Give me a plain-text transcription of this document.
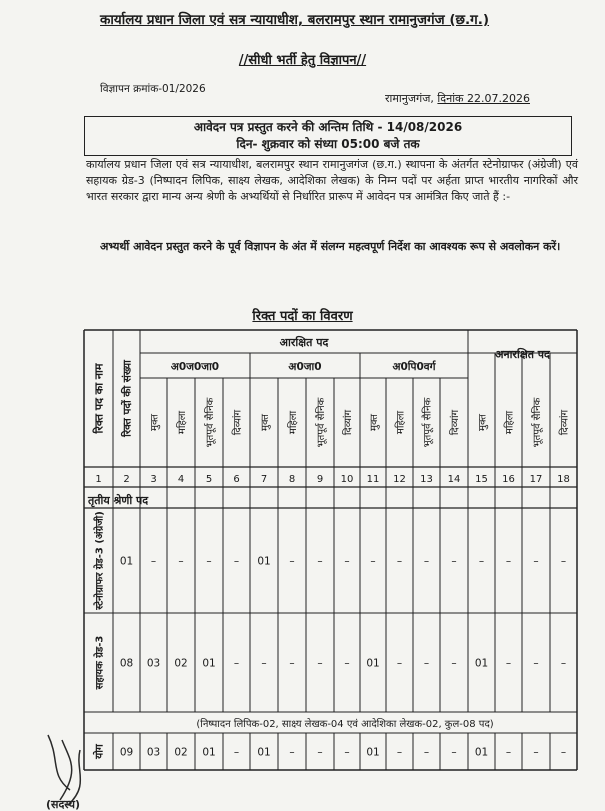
कार्यालय प्रधान जिला एवं सत्र न्यायाधीश, बलरामपुर स्थान रामानुजगंज (छ.ग.)
//सीधी भर्ती हेतु विज्ञापन//
विज्ञापन क्रमांक-01/2026
रामानुजगंज, दिनांक 22.07.2026
आवेदन पत्र प्रस्तुत करने की अन्तिम तिथि - 14/08/2026
दिन- शुक्रवार को संध्या 05:00 बजे तक
कार्यालय प्रधान जिला एवं सत्र न्यायाधीश, बलरामपुर स्थान रामानुजगंज (छ.ग.) स्थापना के अंतर्गत स्टेनोग्राफर (अंग्रेजी) एवं सहायक ग्रेड-3 (निष्पादन लिपिक, साक्ष्य लेखक, आदेशिका लेखक) के निम्न पदों पर अर्हता प्राप्त भारतीय नागरिकों और भारत सरकार द्वारा मान्य अन्य श्रेणी के अभ्यर्थियों से निर्धारित प्रारूप में आवेदन पत्र आमंत्रित किए जाते हैं :-
अभ्यर्थी आवेदन प्रस्तुत करने के पूर्व विज्ञापन के अंत में संलग्न महत्वपूर्ण निर्देश का आवश्यक रूप से अवलोकन करें।
रिक्त पदों का विवरण
रिक्त पद का नाम रिक्त पदों की संख्या
आरक्षित पद
अनारक्षित पद
अ0ज0जा0	अ0जा0	अ0पि0वर्ग
मुक्त महिला भूतपूर्व सैनिक दिव्यांग मुक्त महिला भूतपूर्व सैनिक दिव्यांग मुक्त महिला भूतपूर्व सैनिक दिव्यांग मुक्त महिला भूतपूर्व सैनिक दिव्यांग
1 2 3 4 5 6 7 8 9 10 11 12 13 14 15 16 17 18
तृतीय श्रेणी पद
स्टेनोग्राफर ग्रेड-3 (अंग्रेजी) 01 – – – – 01 – – – – – – – – – – –
सहायक ग्रेड-3 08 03 02 01 – – – – – 01 – – – 01 – – –
(निष्पादन लिपिक-02, साक्ष्य लेखक-04 एवं आदेशिका लेखक-02, कुल-08 पद)
योग 09 03 02 01 – 01 – – – 01 – – – 01 – – –
(सदस्य)
